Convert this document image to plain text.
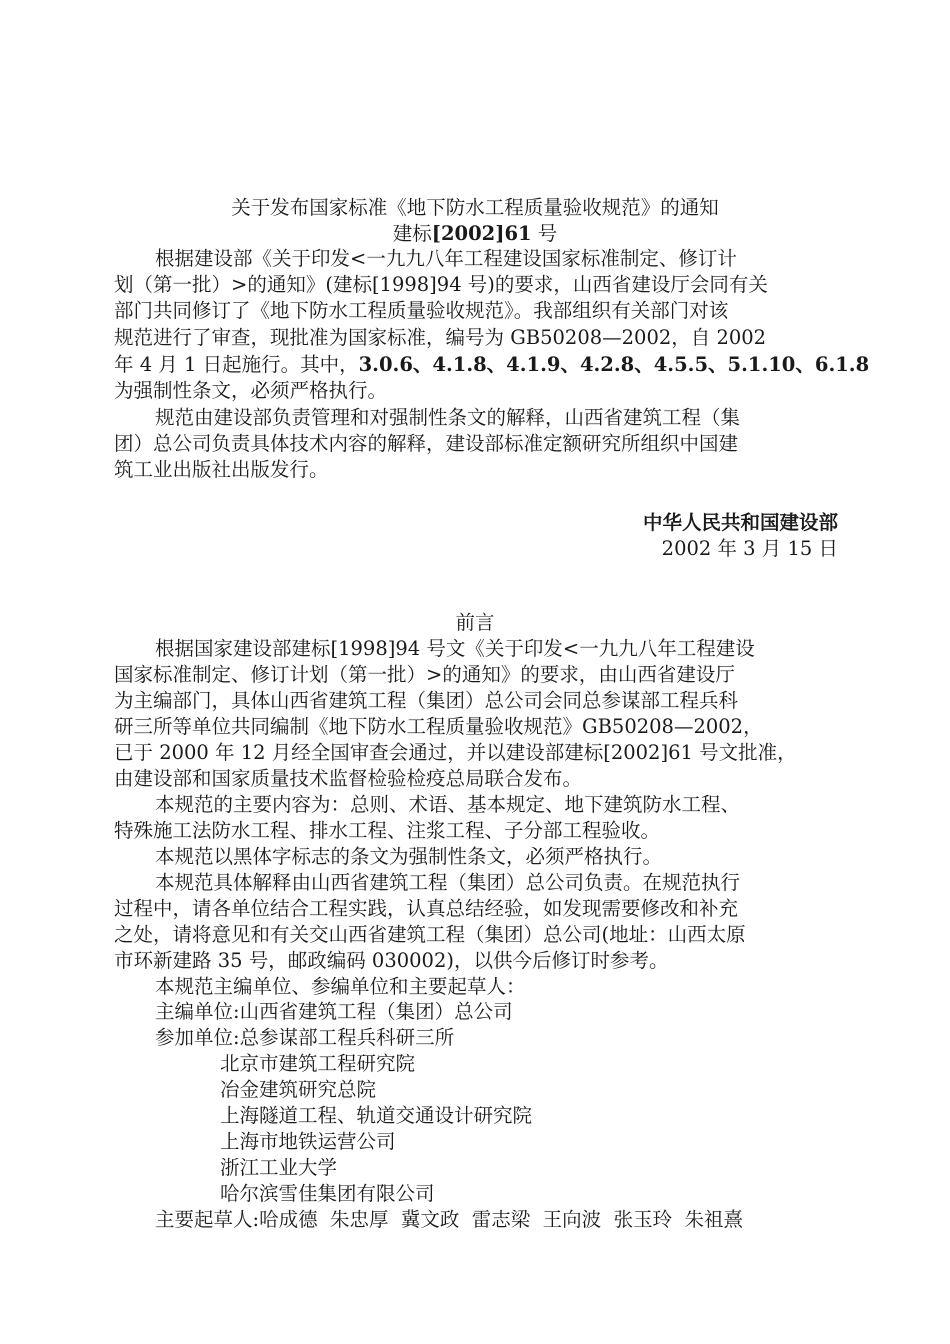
关于发布国家标准《地下防水工程质量验收规范》的通知
建标[2002]61 号
根据建设部《关于印发<一九九八年工程建设国家标准制定、修订计
划（第一批）>的通知》(建标[1998]94 号)的要求，山西省建设厅会同有关
部门共同修订了《地下防水工程质量验收规范》。我部组织有关部门对该
规范进行了审查，现批准为国家标准，编号为 GB50208—2002，自 2002
年 4 月 1 日起施行。其中，3.0.6、4.1.8、4.1.9、4.2.8、4.5.5、5.1.10、6.1.8
为强制性条文，必须严格执行。
规范由建设部负责管理和对强制性条文的解释，山西省建筑工程（集
团）总公司负责具体技术内容的解释，建设部标准定额研究所组织中国建
筑工业出版社出版发行。
中华人民共和国建设部
2002 年 3 月 15 日
前言
根据国家建设部建标[1998]94 号文《关于印发<一九九八年工程建设
国家标准制定、修订计划（第一批）>的通知》的要求，由山西省建设厅
为主编部门，具体山西省建筑工程（集团）总公司会同总参谋部工程兵科
研三所等单位共同编制《地下防水工程质量验收规范》GB50208—2002，
已于 2000 年 12 月经全国审查会通过，并以建设部建标[2002]61 号文批准，
由建设部和国家质量技术监督检验检疫总局联合发布。
本规范的主要内容为：总则、术语、基本规定、地下建筑防水工程、
特殊施工法防水工程、排水工程、注浆工程、子分部工程验收。
本规范以黑体字标志的条文为强制性条文，必须严格执行。
本规范具体解释由山西省建筑工程（集团）总公司负责。在规范执行
过程中，请各单位结合工程实践，认真总结经验，如发现需要修改和补充
之处，请将意见和有关交山西省建筑工程（集团）总公司(地址：山西太原
市环新建路 35 号，邮政编码 030002)，以供今后修订时参考。
本规范主编单位、参编单位和主要起草人：
主编单位:山西省建筑工程（集团）总公司
参加单位:总参谋部工程兵科研三所
北京市建筑工程研究院
冶金建筑研究总院
上海隧道工程、轨道交通设计研究院
上海市地铁运营公司
浙江工业大学
哈尔滨雪佳集团有限公司
主要起草人:哈成德  朱忠厚  冀文政  雷志梁  王向波  张玉玲  朱祖熹
